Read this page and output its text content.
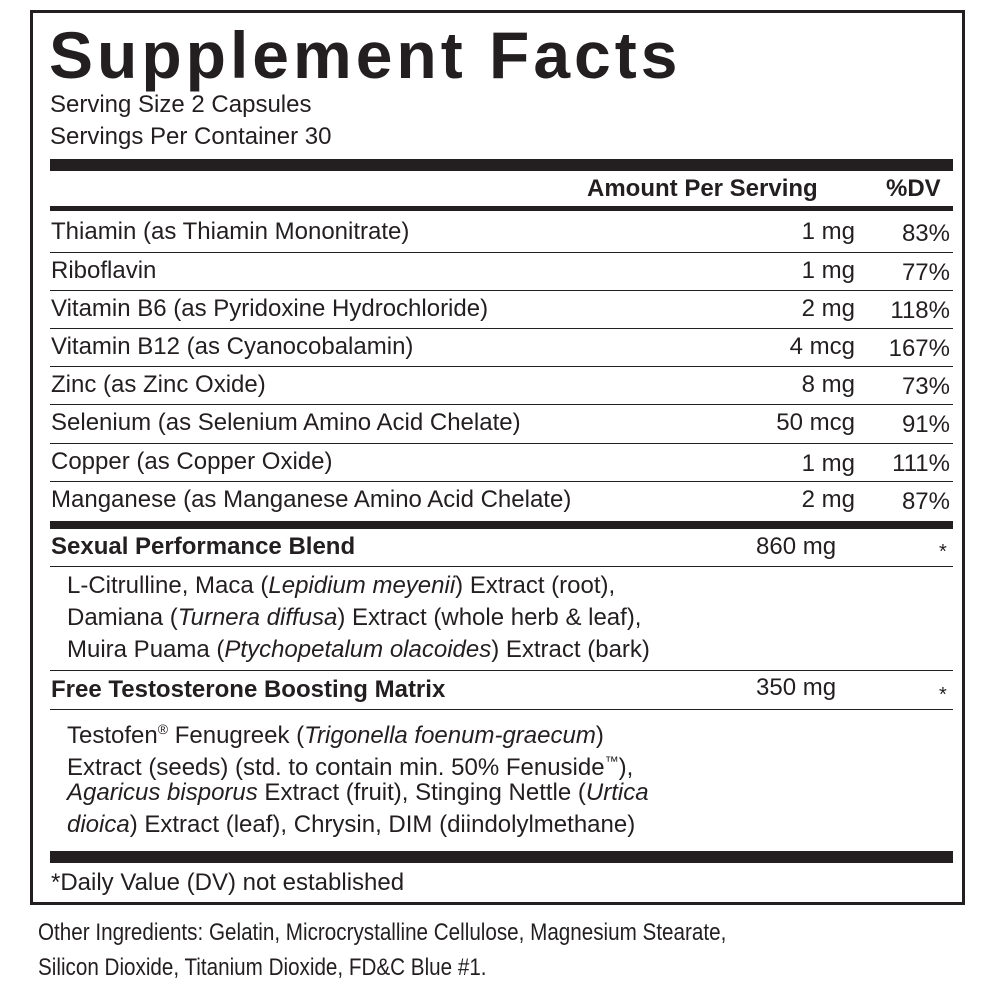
Supplement Facts
Serving Size 2 Capsules
Servings Per Container 30
Amount Per Serving	%DV
Thiamin (as Thiamin Mononitrate)	1 mg	83%
Riboflavin	1 mg	77%
Vitamin B6 (as Pyridoxine Hydrochloride)	2 mg	118%
Vitamin B12 (as Cyanocobalamin)	4 mcg	167%
Zinc (as Zinc Oxide)	8 mg	73%
Selenium (as Selenium Amino Acid Chelate)	50 mcg	91%
Copper (as Copper Oxide)	1 mg	111%
Manganese (as Manganese Amino Acid Chelate)	2 mg	87%
Sexual Performance Blend	860 mg	*
L-Citrulline, Maca (Lepidium meyenii) Extract (root),
Damiana (Turnera diffusa) Extract (whole herb & leaf),
Muira Puama (Ptychopetalum olacoides) Extract (bark)
Free Testosterone Boosting Matrix	350 mg	*
Testofen® Fenugreek (Trigonella foenum-graecum)
Extract (seeds) (std. to contain min. 50% Fenuside™),
Agaricus bisporus Extract (fruit), Stinging Nettle (Urtica
dioica) Extract (leaf), Chrysin, DIM (diindolylmethane)
*Daily Value (DV) not established
Other Ingredients: Gelatin, Microcrystalline Cellulose, Magnesium Stearate,
Silicon Dioxide, Titanium Dioxide, FD&C Blue #1.
